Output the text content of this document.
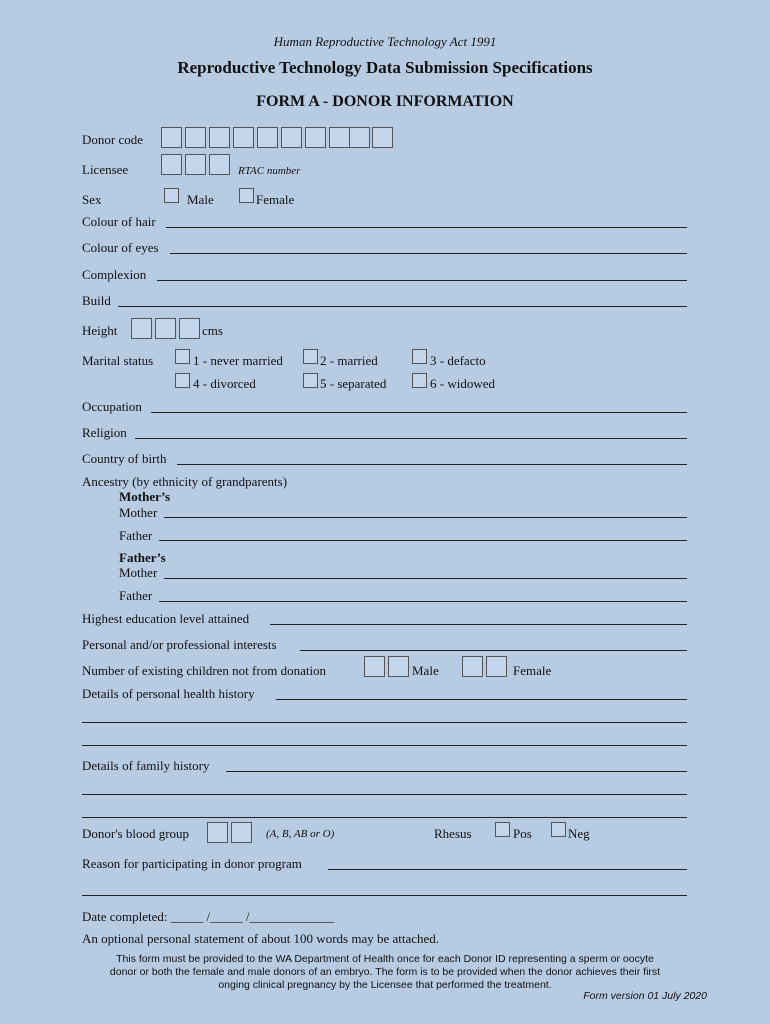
Human Reproductive Technology Act 1991
Reproductive Technology Data Submission Specifications
FORM A - DONOR INFORMATION
Donor code
Licensee	RTAC number
Sex	Male	Female
Colour of hair
Colour of eyes
Complexion
Build
Height	cms
Marital status	1 - never married	2 - married	3 - defacto
4 - divorced	5 - separated	6 - widowed
Occupation
Religion
Country of birth
Ancestry (by ethnicity of grandparents)
Mother’s
Mother
Father
Father’s
Mother
Father
Highest education level attained
Personal and/or professional interests
Number of existing children not from donation	Male	Female
Details of personal health history
Details of family history
Donor's blood group	(A, B, AB or O)	Rhesus	Pos	Neg
Reason for participating in donor program
Date completed: _____ /_____ /_____________
An optional personal statement of about 100 words may be attached.
This form must be provided to the WA Department of Health once for each Donor ID representing a sperm or oocyte
donor or both the female and male donors of an embryo. The form is to be provided when the donor achieves their first
onging clinical pregnancy by the Licensee that performed the treatment.
Form version 01 July 2020
